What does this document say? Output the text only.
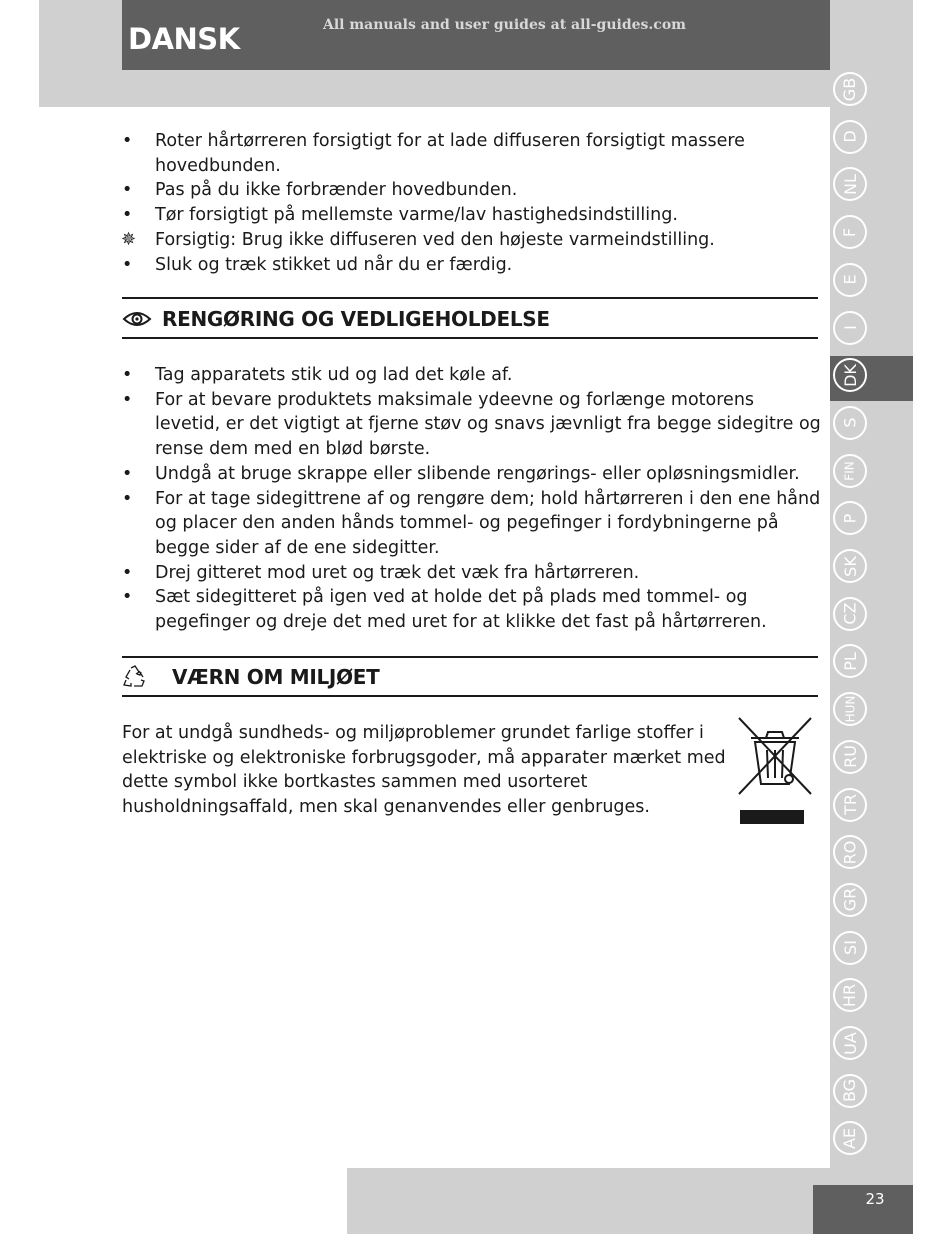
DANSK	All manuals and user guides at all-guides.com
GB
D
NL
F
E
I
DK
S
FIN
P
SK
CZ
PL
HUN
RU
TR
RO
GR
SI
HR
UA
BG
AE
• Roter hårtørreren forsigtigt for at lade diffuseren forsigtigt massere hovedbunden.
• Pas på du ikke forbrænder hovedbunden.
• Tør forsigtigt på mellemste varme/lav hastighedsindstilling.
✵ Forsigtig: Brug ikke diffuseren ved den højeste varmeindstilling.
• Sluk og træk stikket ud når du er færdig.
RENGØRING OG VEDLIGEHOLDELSE
• Tag apparatets stik ud og lad det køle af.
• For at bevare produktets maksimale ydeevne og forlænge motorens levetid, er det vigtigt at fjerne støv og snavs jævnligt fra begge sidegitre og rense dem med en blød børste.
• Undgå at bruge skrappe eller slibende rengørings- eller opløsningsmidler.
• For at tage sidegittrene af og rengøre dem; hold hårtørreren i den ene hånd og placer den anden hånds tommel- og pegefinger i fordybningerne på begge sider af de ene sidegitter.
• Drej gitteret mod uret og træk det væk fra hårtørreren.
• Sæt sidegitteret på igen ved at holde det på plads med tommel- og pegefinger og dreje det med uret for at klikke det fast på hårtørreren.
VÆRN OM MILJØET
For at undgå sundheds- og miljøproblemer grundet farlige stoffer i elektriske og elektroniske forbrugsgoder, må apparater mærket med dette symbol ikke bortkastes sammen med usorteret husholdningsaffald, men skal genanvendes eller genbruges.
23
